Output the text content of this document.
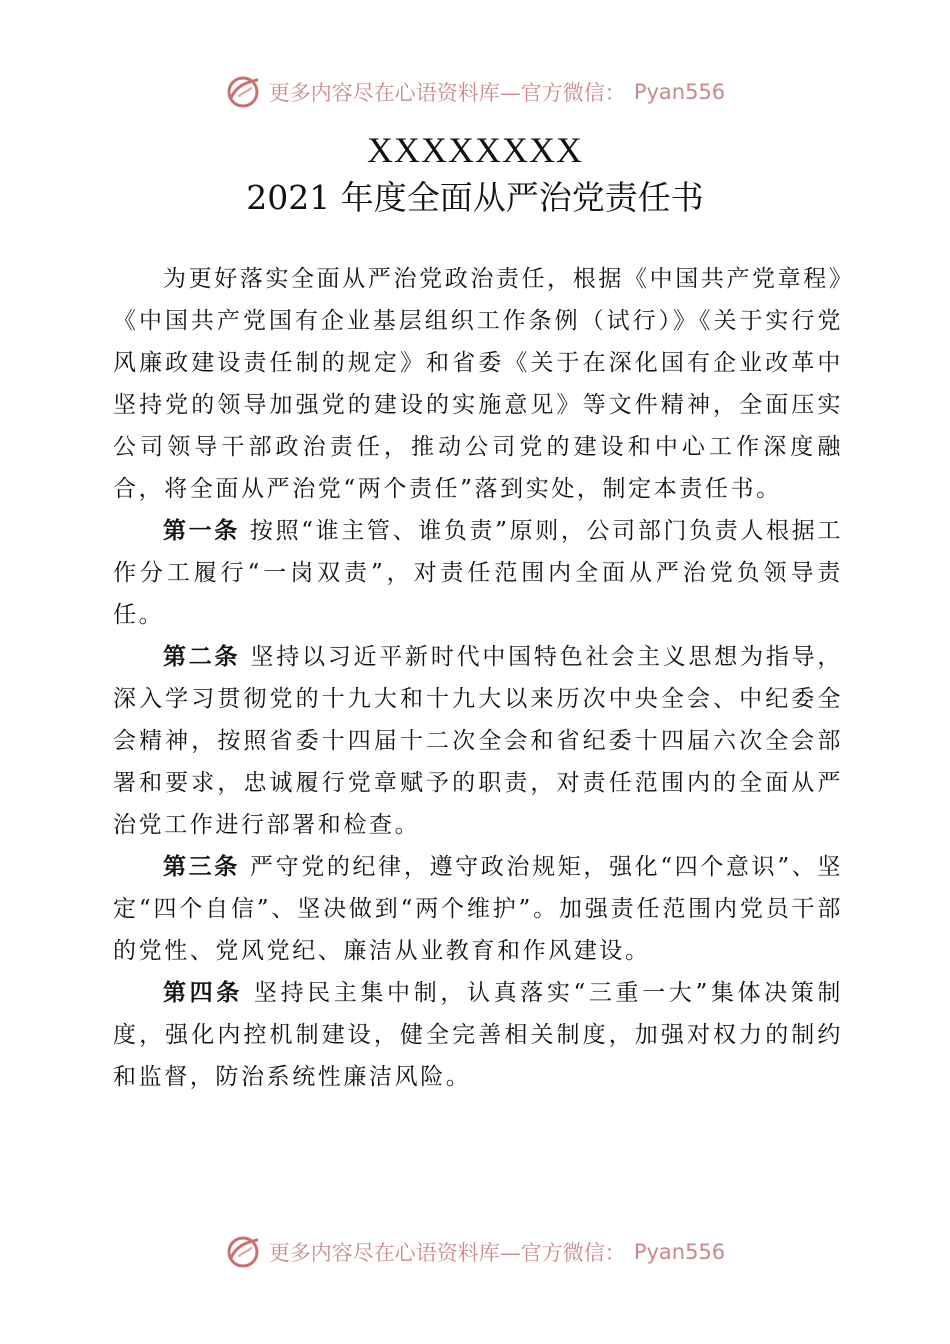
更多内容尽在心语资料库—官方微信： Pyan556
XXXXXXXX
2021 年度全面从严治党责任书

为更好落实全面从严治党政治责任，根据《中国共产党章程》《中国共产党国有企业基层组织工作条例（试行）》《关于实行党风廉政建设责任制的规定》和省委《关于在深化国有企业改革中坚持党的领导加强党的建设的实施意见》等文件精神，全面压实公司领导干部政治责任，推动公司党的建设和中心工作深度融合，将全面从严治党“两个责任”落到实处，制定本责任书。

第一条 按照“谁主管、谁负责”原则，公司部门负责人根据工作分工履行“一岗双责”，对责任范围内全面从严治党负领导责任。

第二条 坚持以习近平新时代中国特色社会主义思想为指导，深入学习贯彻党的十九大和十九大以来历次中央全会、中纪委全会精神，按照省委十四届十二次全会和省纪委十四届六次全会部署和要求，忠诚履行党章赋予的职责，对责任范围内的全面从严治党工作进行部署和检查。

第三条 严守党的纪律，遵守政治规矩，强化“四个意识”、坚定“四个自信”、坚决做到“两个维护”。加强责任范围内党员干部的党性、党风党纪、廉洁从业教育和作风建设。

第四条 坚持民主集中制，认真落实“三重一大”集体决策制度，强化内控机制建设，健全完善相关制度，加强对权力的制约和监督，防治系统性廉洁风险。

更多内容尽在心语资料库—官方微信： Pyan556
